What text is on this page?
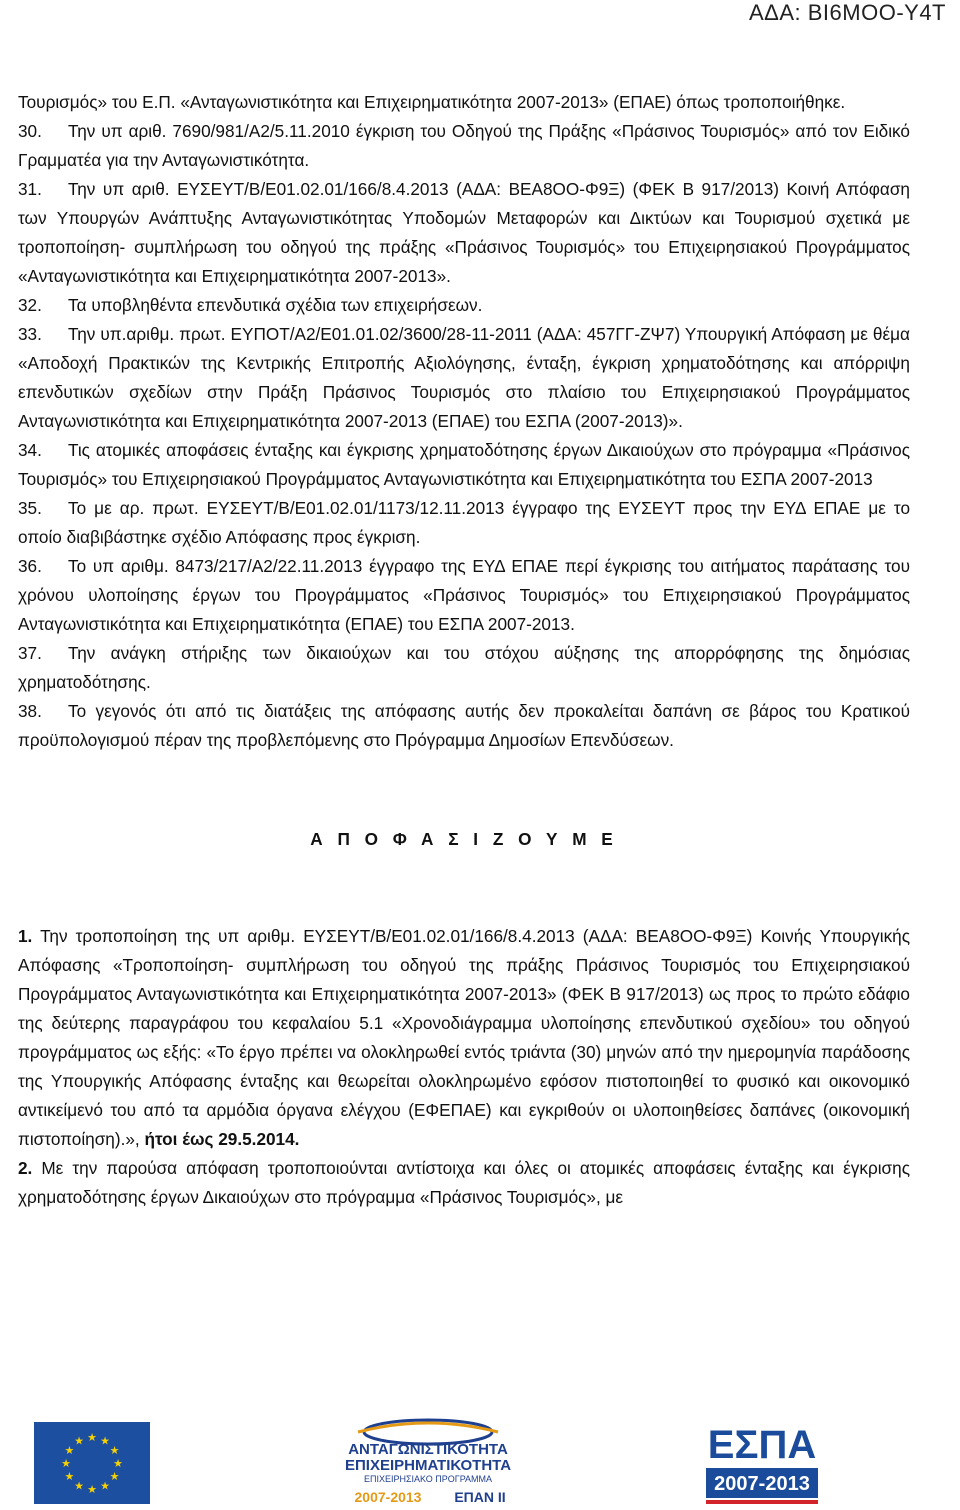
ΑΔΑ: ΒΙ6ΜΟΟ-Υ4Τ

Τουρισμός» του Ε.Π. «Ανταγωνιστικότητα και Επιχειρηματικότητα 2007-2013» (ΕΠΑΕ) όπως τροποποιήθηκε.

30. Την υπ αριθ. 7690/981/Α2/5.11.2010 έγκριση του Οδηγού της Πράξης «Πράσινος Τουρισμός» από τον Ειδικό Γραμματέα για την Ανταγωνιστικότητα.

31. Την υπ αριθ. ΕΥΣΕΥΤ/Β/Ε01.02.01/166/8.4.2013 (ΑΔΑ: ΒΕΑ8ΟΟ-Φ9Ξ) (ΦΕΚ Β 917/2013) Κοινή Απόφαση των Υπουργών Ανάπτυξης Ανταγωνιστικότητας Υποδομών Μεταφορών και Δικτύων και Τουρισμού σχετικά με τροποποίηση- συμπλήρωση του οδηγού της πράξης «Πράσινος Τουρισμός» του Επιχειρησιακού Προγράμματος «Ανταγωνιστικότητα και Επιχειρηματικότητα 2007-2013».

32. Τα υποβληθέντα επενδυτικά σχέδια των επιχειρήσεων.

33. Την υπ.αριθμ. πρωτ. ΕΥΠΟΤ/Α2/Ε01.01.02/3600/28-11-2011 (ΑΔΑ: 457ΓΓ-ΖΨ7) Υπουργική Απόφαση με θέμα «Αποδοχή Πρακτικών της Κεντρικής Επιτροπής Αξιολόγησης, ένταξη, έγκριση χρηματοδότησης και απόρριψη επενδυτικών σχεδίων στην Πράξη Πράσινος Τουρισμός στο πλαίσιο του Επιχειρησιακού Προγράμματος Ανταγωνιστικότητα και Επιχειρηματικότητα 2007-2013 (ΕΠΑΕ) του ΕΣΠΑ (2007-2013)».

34. Τις ατομικές αποφάσεις ένταξης και έγκρισης χρηματοδότησης έργων Δικαιούχων στο πρόγραμμα «Πράσινος Τουρισμός» του Επιχειρησιακού Προγράμματος Ανταγωνιστικότητα και Επιχειρηματικότητα του ΕΣΠΑ 2007-2013

35. Το με αρ. πρωτ. ΕΥΣΕΥΤ/Β/Ε01.02.01/1173/12.11.2013 έγγραφο της ΕΥΣΕΥΤ προς την ΕΥΔ ΕΠΑΕ με το οποίο διαβιβάστηκε σχέδιο Απόφασης προς έγκριση.

36. Το υπ αριθμ. 8473/217/Α2/22.11.2013 έγγραφο της ΕΥΔ ΕΠΑΕ περί έγκρισης του αιτήματος παράτασης του χρόνου υλοποίησης έργων του Προγράμματος «Πράσινος Τουρισμός» του Επιχειρησιακού Προγράμματος Ανταγωνιστικότητα και Επιχειρηματικότητα (ΕΠΑΕ) του ΕΣΠΑ 2007-2013.

37. Την ανάγκη στήριξης των δικαιούχων και του στόχου αύξησης της απορρόφησης της δημόσιας χρηματοδότησης.

38. Το γεγονός ότι από τις διατάξεις της απόφασης αυτής δεν προκαλείται δαπάνη σε βάρος του Κρατικού προϋπολογισμού πέραν της προβλεπόμενης στο Πρόγραμμα Δημοσίων Επενδύσεων.

Α Π Ο Φ Α Σ Ι Ζ Ο Υ Μ Ε

1. Την τροποποίηση της υπ αριθμ. ΕΥΣΕΥΤ/Β/Ε01.02.01/166/8.4.2013 (ΑΔΑ: ΒΕΑ8ΟΟ-Φ9Ξ) Κοινής Υπουργικής Απόφασης «Τροποποίηση- συμπλήρωση του οδηγού της πράξης Πράσινος Τουρισμός του Επιχειρησιακού Προγράμματος Ανταγωνιστικότητα και Επιχειρηματικότητα 2007-2013» (ΦΕΚ Β 917/2013) ως προς το πρώτο εδάφιο της δεύτερης παραγράφου του κεφαλαίου 5.1 «Χρονοδιάγραμμα υλοποίησης επενδυτικού σχεδίου» του οδηγού προγράμματος ως εξής: «Το έργο πρέπει να ολοκληρωθεί εντός τριάντα (30) μηνών από την ημερομηνία παράδοσης της Υπουργικής Απόφασης ένταξης και θεωρείται ολοκληρωμένο εφόσον πιστοποιηθεί το φυσικό και οικονομικό αντικείμενό του από τα αρμόδια όργανα ελέγχου (ΕΦΕΠΑΕ) και εγκριθούν οι υλοποιηθείσες δαπάνες (οικονομική πιστοποίηση).», ήτοι έως 29.5.2014.

2. Με την παρούσα απόφαση τροποποιούνται αντίστοιχα και όλες οι ατομικές αποφάσεις ένταξης και έγκρισης χρηματοδότησης έργων Δικαιούχων στο πρόγραμμα «Πράσινος Τουρισμός», με

★
★
★
★
★
★
★
★
★ ★ ★
★	ΑΝΤΑΓΩΝΙΣΤΙΚΟΤΗΤΑ
ΕΠΙΧΕΙΡΗΜΑΤΙΚΟΤΗΤΑ
ΕΠΙΧΕΙΡΗΣΙΑΚΟ ΠΡΟΓΡΑΜΜΑ
2007-2013 ΕΠΑΝ II
ΕΣΠΑ
2007-2013
